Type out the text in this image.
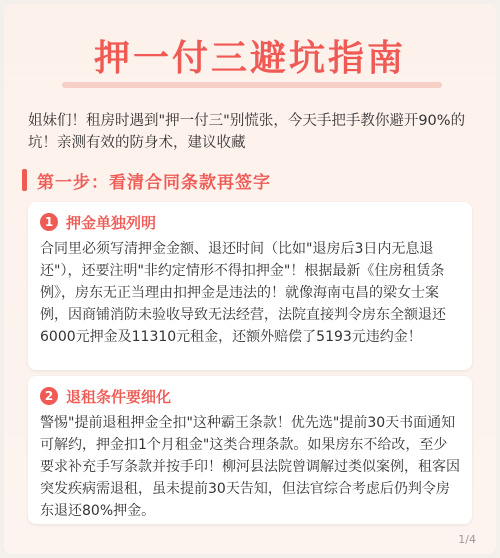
押一付三避坑指南
姐妹们！租房时遇到"押一付三"别慌张，今天手把手教你避开90%的坑！亲测有效的防身术，建议收藏
第一步：看清合同条款再签字
1 押金单独列明
合同里必须写清押金金额、退还时间（比如"退房后3日内无息退还"），还要注明"非约定情形不得扣押金"！根据最新《住房租赁条例》，房东无正当理由扣押金是违法的！就像海南屯昌的梁女士案例，因商铺消防未验收导致无法经营，法院直接判令房东全额退还6000元押金及11310元租金，还额外赔偿了5193元违约金！
2 退租条件要细化
警惕"提前退租押金全扣"这种霸王条款！优先选"提前30天书面通知可解约，押金扣1个月租金"这类合理条款。如果房东不给改，至少要求补充手写条款并按手印！柳河县法院曾调解过类似案例，租客因突发疾病需退租，虽未提前30天告知，但法官综合考虑后仍判令房东退还80%押金。
1/4
